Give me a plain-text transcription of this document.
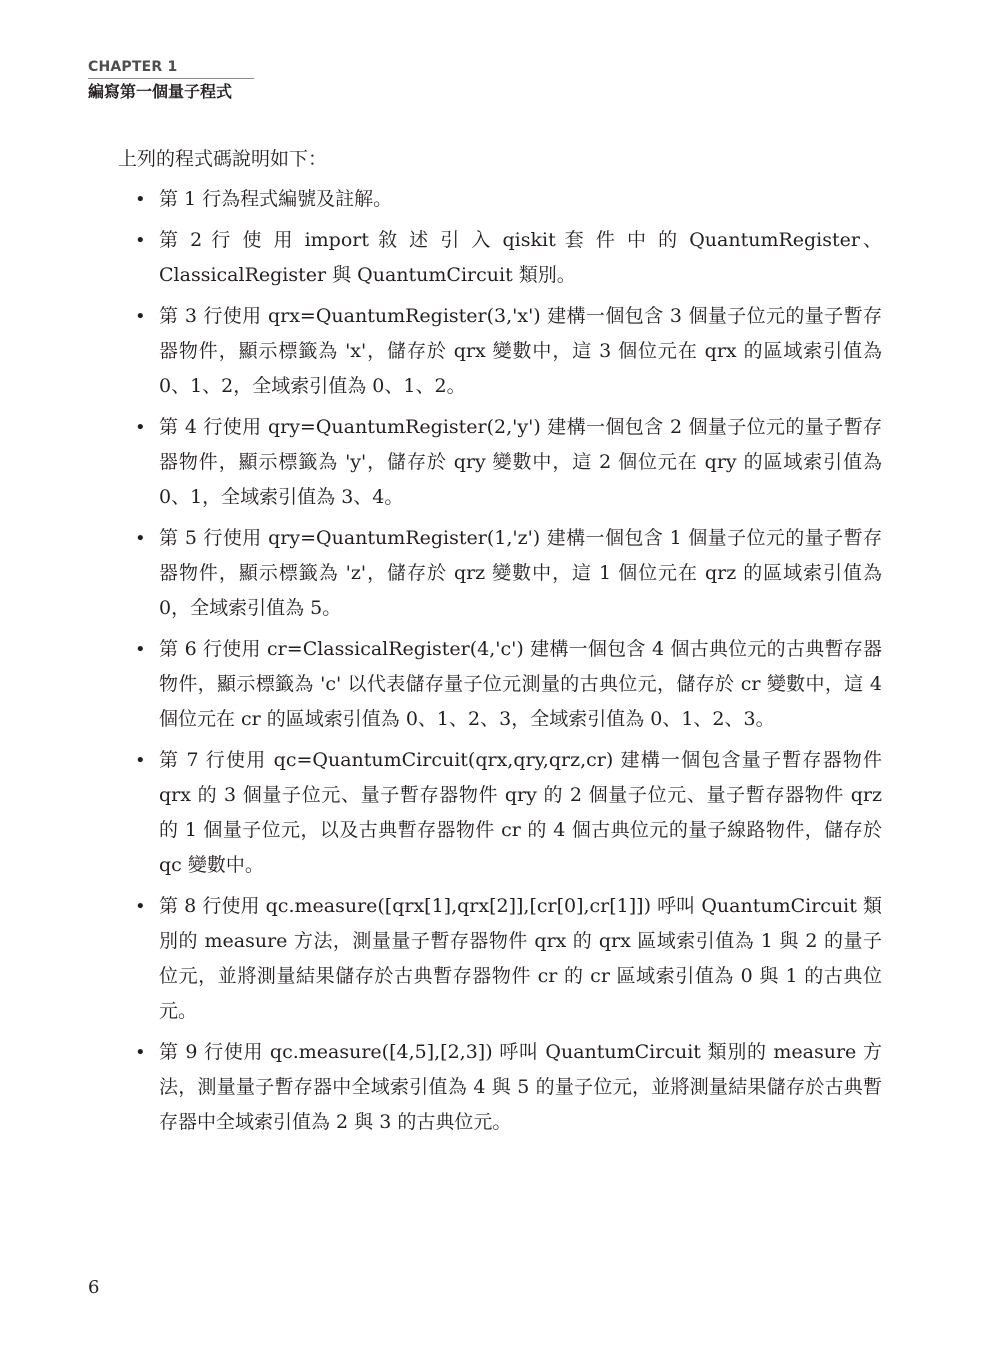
CHAPTER 1
編寫第一個量子程式

上列的程式碼說明如下：

• 第 1 行為程式編號及註解。
• 第 2 行 使 用 import 敘 述 引 入 qiskit 套 件 中 的 QuantumRegister、ClassicalRegister 與 QuantumCircuit 類別。
• 第 3 行使用 qrx=QuantumRegister(3,'x') 建構一個包含 3 個量子位元的量子暫存器物件，顯示標籤為 'x'，儲存於 qrx 變數中，這 3 個位元在 qrx 的區域索引值為 0、1、2，全域索引值為 0、1、2。
• 第 4 行使用 qry=QuantumRegister(2,'y') 建構一個包含 2 個量子位元的量子暫存器物件，顯示標籤為 'y'，儲存於 qry 變數中，這 2 個位元在 qry 的區域索引值為 0、1，全域索引值為 3、4。
• 第 5 行使用 qry=QuantumRegister(1,'z') 建構一個包含 1 個量子位元的量子暫存器物件，顯示標籤為 'z'，儲存於 qrz 變數中，這 1 個位元在 qrz 的區域索引值為 0，全域索引值為 5。
• 第 6 行使用 cr=ClassicalRegister(4,'c') 建構一個包含 4 個古典位元的古典暫存器物件，顯示標籤為 'c' 以代表儲存量子位元測量的古典位元，儲存於 cr 變數中，這 4 個位元在 cr 的區域索引值為 0、1、2、3，全域索引值為 0、1、2、3。
• 第 7 行使用 qc=QuantumCircuit(qrx,qry,qrz,cr) 建構一個包含量子暫存器物件 qrx 的 3 個量子位元、量子暫存器物件 qry 的 2 個量子位元、量子暫存器物件 qrz 的 1 個量子位元，以及古典暫存器物件 cr 的 4 個古典位元的量子線路物件，儲存於 qc 變數中。
• 第 8 行使用 qc.measure([qrx[1],qrx[2]],[cr[0],cr[1]]) 呼叫 QuantumCircuit 類別的 measure 方法，測量量子暫存器物件 qrx 的 qrx 區域索引值為 1 與 2 的量子位元，並將測量結果儲存於古典暫存器物件 cr 的 cr 區域索引值為 0 與 1 的古典位元。
• 第 9 行使用 qc.measure([4,5],[2,3]) 呼叫 QuantumCircuit 類別的 measure 方法，測量量子暫存器中全域索引值為 4 與 5 的量子位元，並將測量結果儲存於古典暫存器中全域索引值為 2 與 3 的古典位元。
6
